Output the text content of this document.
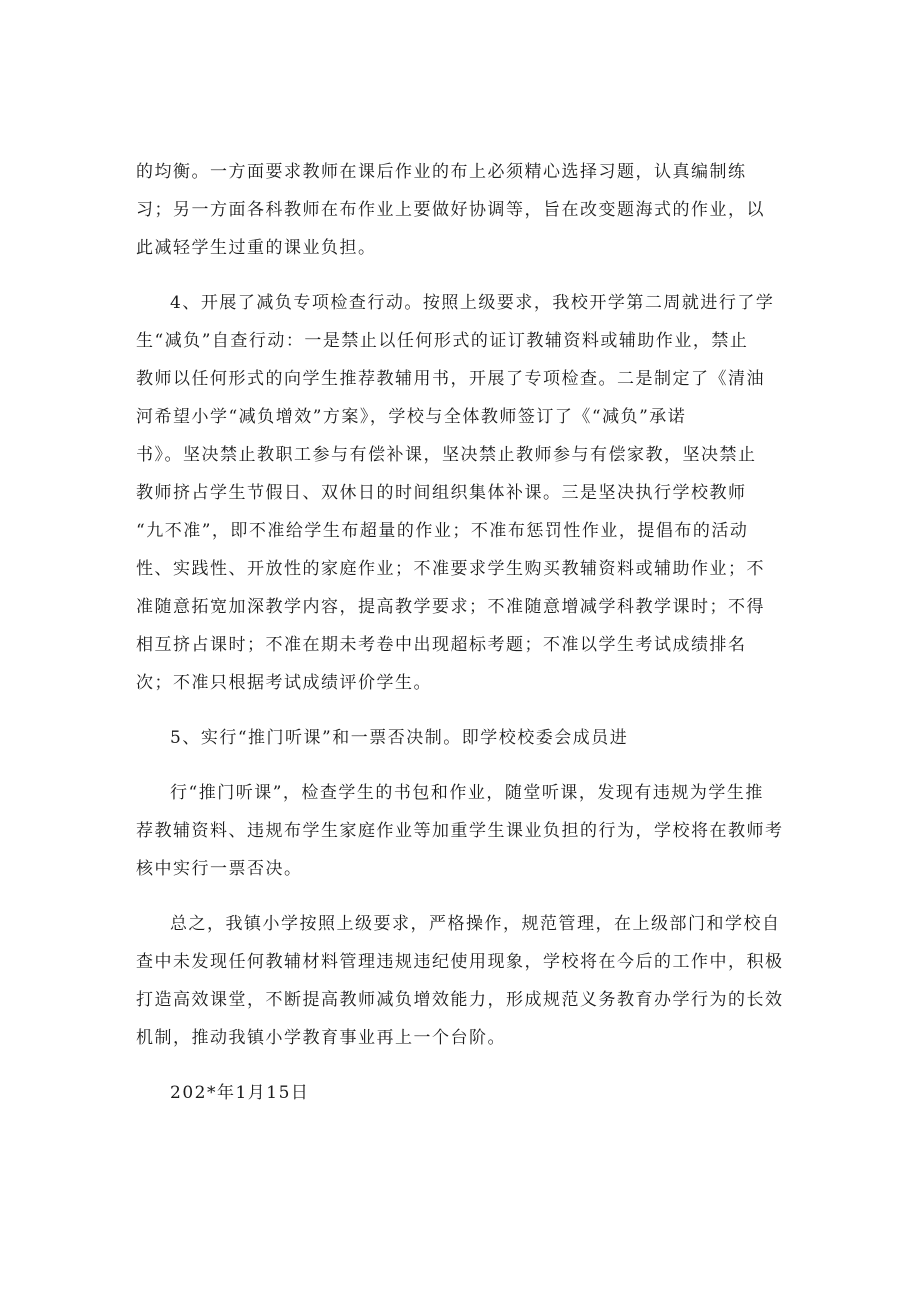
的均衡。一方面要求教师在课后作业的布上必须精心选择习题，认真编制练
习；另一方面各科教师在布作业上要做好协调等，旨在改变题海式的作业，以
此减轻学生过重的课业负担。
4、开展了减负专项检查行动。按照上级要求，我校开学第二周就进行了学
生“减负”自查行动：一是禁止以任何形式的证订教辅资料或辅助作业，禁止
教师以任何形式的向学生推荐教辅用书，开展了专项检查。二是制定了《清油
河希望小学“减负增效”方案》，学校与全体教师签订了《“减负”承诺
书》。坚决禁止教职工参与有偿补课，坚决禁止教师参与有偿家教，坚决禁止
教师挤占学生节假日、双休日的时间组织集体补课。三是坚决执行学校教师
“九不准”，即不准给学生布超量的作业；不准布惩罚性作业，提倡布的活动
性、实践性、开放性的家庭作业；不准要求学生购买教辅资料或辅助作业；不
准随意拓宽加深教学内容，提高教学要求；不准随意增减学科教学课时；不得
相互挤占课时；不准在期未考卷中出现超标考题；不准以学生考试成绩排名
次；不准只根据考试成绩评价学生。
5、实行“推门听课”和一票否决制。即学校校委会成员进
行“推门听课”，检查学生的书包和作业，随堂听课，发现有违规为学生推
荐教辅资料、违规布学生家庭作业等加重学生课业负担的行为，学校将在教师考
核中实行一票否决。
总之，我镇小学按照上级要求，严格操作，规范管理，在上级部门和学校自
查中未发现任何教辅材料管理违规违纪使用现象，学校将在今后的工作中，积极
打造高效课堂，不断提高教师减负增效能力，形成规范义务教育办学行为的长效
机制，推动我镇小学教育事业再上一个台阶。
202*年1月15日
